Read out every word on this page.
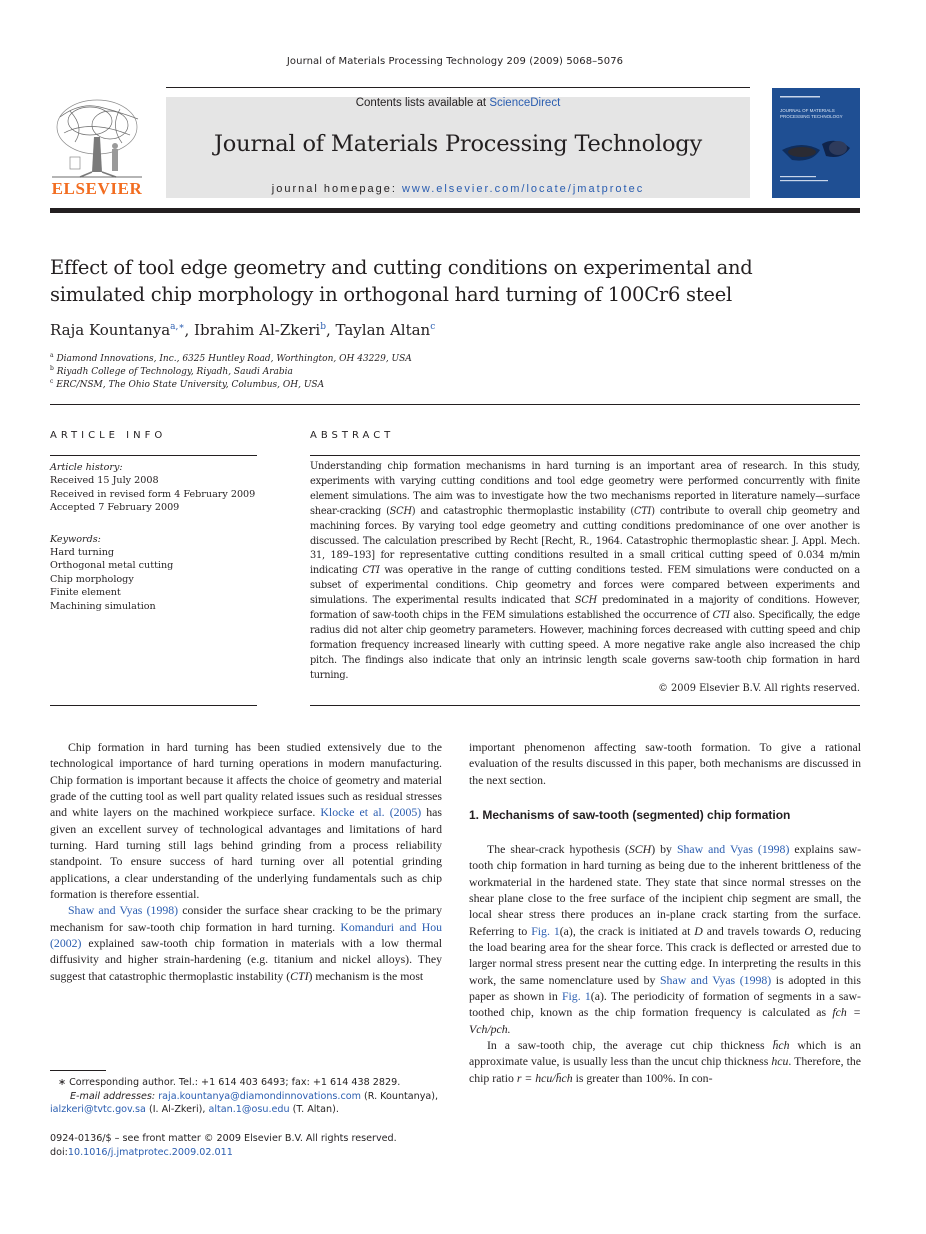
Journal of Materials Processing Technology 209 (2009) 5068–5076
ELSEVIER
Contents lists available at ScienceDirect
Journal of Materials Processing Technology
journal homepage: www.elsevier.com/locate/jmatprotec
JOURNAL OF MATERIALS PROCESSING TECHNOLOGY
Effect of tool edge geometry and cutting conditions on experimental and simulated chip morphology in orthogonal hard turning of 100Cr6 steel
Raja Kountanya$^{a,∗}$, Ibrahim Al-Zkeri$^b$, Taylan Altan$^c$
$^a$ Diamond Innovations, Inc., 6325 Huntley Road, Worthington, OH 43229, USA
$^b$ Riyadh College of Technology, Riyadh, Saudi Arabia
$^c$ ERC/NSM, The Ohio State University, Columbus, OH, USA
ARTICLE INFO	ABSTRACT
Article history:
Received 15 July 2008
Received in revised form 4 February 2009
Accepted 7 February 2009
Keywords:
Hard turning
Orthogonal metal cutting
Chip morphology
Finite element
Machining simulation
Understanding chip formation mechanisms in hard turning is an important area of research. In this study, experiments with varying cutting conditions and tool edge geometry were performed concurrently with finite element simulations. The aim was to investigate how the two mechanisms reported in literature namely—surface shear-cracking (SCH) and catastrophic thermoplastic instability (CTI) contribute to overall chip geometry and machining forces. By varying tool edge geometry and cutting conditions predominance of one over another is discussed. The calculation prescribed by Recht [Recht, R., 1964. Catastrophic thermoplastic shear. J. Appl. Mech. 31, 189–193] for representative cutting conditions resulted in a small critical cutting speed of 0.034 m/min indicating CTI was operative in the range of cutting conditions tested. FEM simulations were conducted on a subset of experimental conditions. Chip geometry and forces were compared between experiments and simulations. The experimental results indicated that SCH predominated in a majority of conditions. However, formation of saw-tooth chips in the FEM simulations established the occurrence of CTI also. Specifically, the edge radius did not alter chip geometry parameters. However, machining forces decreased with cutting speed and chip formation frequency increased linearly with cutting speed. A more negative rake angle also increased the chip pitch. The findings also indicate that only an intrinsic length scale governs saw-tooth chip formation in hard turning.
© 2009 Elsevier B.V. All rights reserved.

Chip formation in hard turning has been studied extensively due to the technological importance of hard turning operations in modern manufacturing. Chip formation is important because it affects the choice of geometry and material grade of the cutting tool as well part quality related issues such as residual stresses and white layers on the machined workpiece surface. Klocke et al. (2005) has given an excellent survey of technological advantages and limitations of hard turning. Hard turning still lags behind grinding from a process reliability standpoint. To ensure success of hard turning over all potential grinding applications, a clear understanding of the underlying fundamentals such as chip formation is therefore essential.

Shaw and Vyas (1998) consider the surface shear cracking to be the primary mechanism for saw-tooth chip formation in hard turning. Komanduri and Hou (2002) explained saw-tooth chip formation in materials with a low thermal diffusivity and higher strain-hardening (e.g. titanium and nickel alloys). They suggest that catastrophic thermoplastic instability (CTI) mechanism is the most

important phenomenon affecting saw-tooth formation. To give a rational evaluation of the results discussed in this paper, both mechanisms are discussed in the next section.

1. Mechanisms of saw-tooth (segmented) chip formation

The shear-crack hypothesis (SCH) by Shaw and Vyas (1998) explains saw-tooth chip formation in hard turning as being due to the inherent brittleness of the workmaterial in the hardened state. They state that since normal stresses on the shear plane close to the free surface of the incipient chip segment are small, the local shear stress there produces an in-plane crack starting from the surface. Referring to Fig. 1(a), the crack is initiated at D and travels towards O, reducing the load bearing area for the shear force. This crack is deflected or arrested due to larger normal stress present near the cutting edge. In interpreting the results in this work, the same nomenclature used by Shaw and Vyas (1998) is adopted in this paper as shown in Fig. 1(a). The periodicity of formation of segments in a saw-toothed chip, known as the chip formation frequency is calculated as fch = Vch/pch.

In a saw-tooth chip, the average cut chip thickness h̄ch which is an approximate value, is usually less than the uncut chip thickness hcu. Therefore, the chip ratio r = hcu/h̄ch is greater than 100%. In con-

∗ Corresponding author. Tel.: +1 614 403 6493; fax: +1 614 438 2829.
E-mail addresses: raja.kountanya@diamondinnovations.com (R. Kountanya),
ialzkeri@tvtc.gov.sa (I. Al-Zkeri), altan.1@osu.edu (T. Altan).
0924-0136/$ – see front matter © 2009 Elsevier B.V. All rights reserved.
doi:10.1016/j.jmatprotec.2009.02.011
